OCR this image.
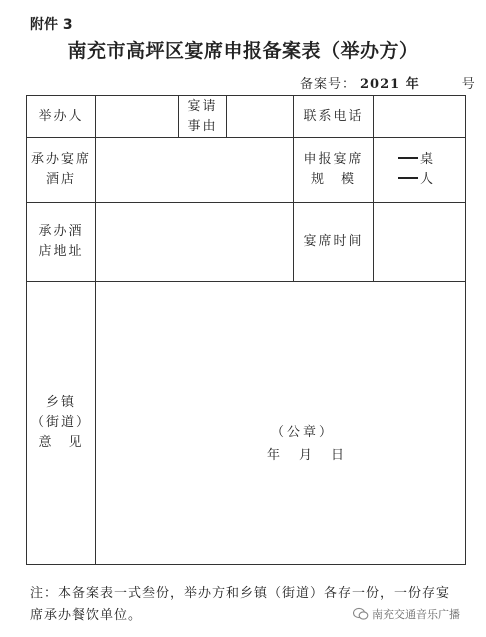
附件 3
南充市高坪区宴席申报备案表（举办方）
备案号： 2021 年	号
举办人
宴请
事由
联系电话
承办宴席
酒店
申报宴席
规　模
桌
人
承办酒
店地址
宴席时间
乡镇
（街道）
意　见
（公章）
年　月　日
注：本备案表一式叁份，举办方和乡镇（街道）各存一份，一份存宴席承办餐饮单位。	南充交通音乐广播
